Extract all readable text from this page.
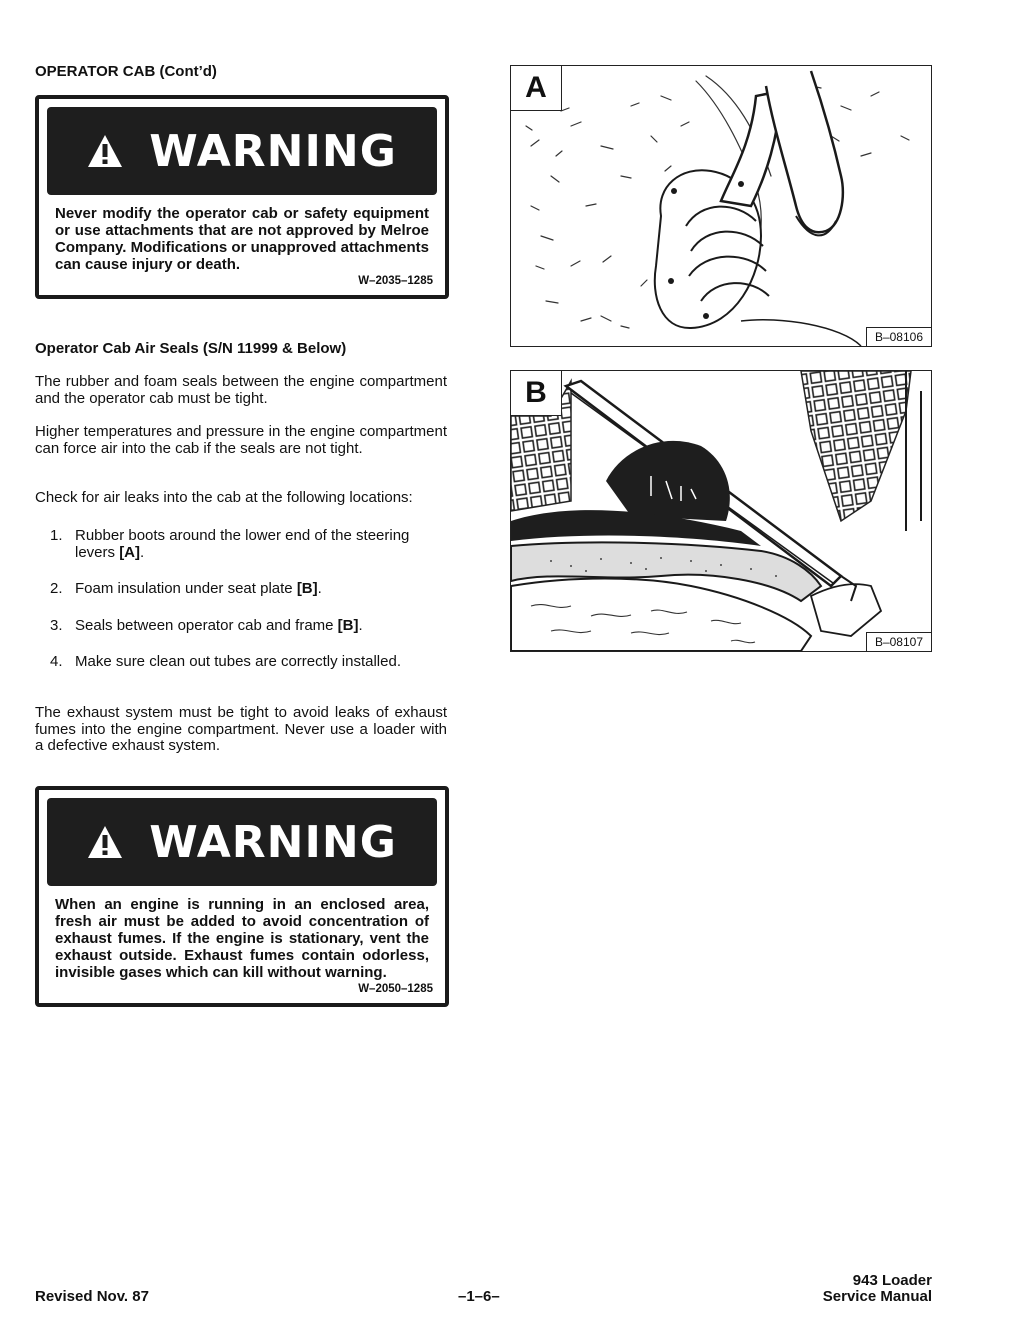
OPERATOR CAB (Cont’d)
WARNING
Never modify the operator cab or safety equipment or use attachments that are not approved by Melroe Company. Modifications or unapproved attachments can cause injury or death.
W–2035–1285
Operator Cab Air Seals (S/N 11999 & Below)
The rubber and foam seals between the engine compartment and the operator cab must be tight.
Higher temperatures and pressure in the engine compartment can force air into the cab if the seals are not tight.
Check for air leaks into the cab at the following locations:
1. Rubber boots around the lower end of the steering levers [A].
2. Foam insulation under seat plate [B].
3. Seals between operator cab and frame [B].
4. Make sure clean out tubes are correctly installed.
The exhaust system must be tight to avoid leaks of exhaust fumes into the engine compartment. Never use a loader with a defective exhaust system.
WARNING
When an engine is running in an enclosed area, fresh air must be added to avoid concentration of exhaust fumes. If the engine is stationary, vent the exhaust outside. Exhaust fumes contain odorless, invisible gases which can kill without warning.
W–2050–1285
A
B–08106
B
B–08107
Revised Nov. 87	–1–6–
943 Loader
Service Manual
